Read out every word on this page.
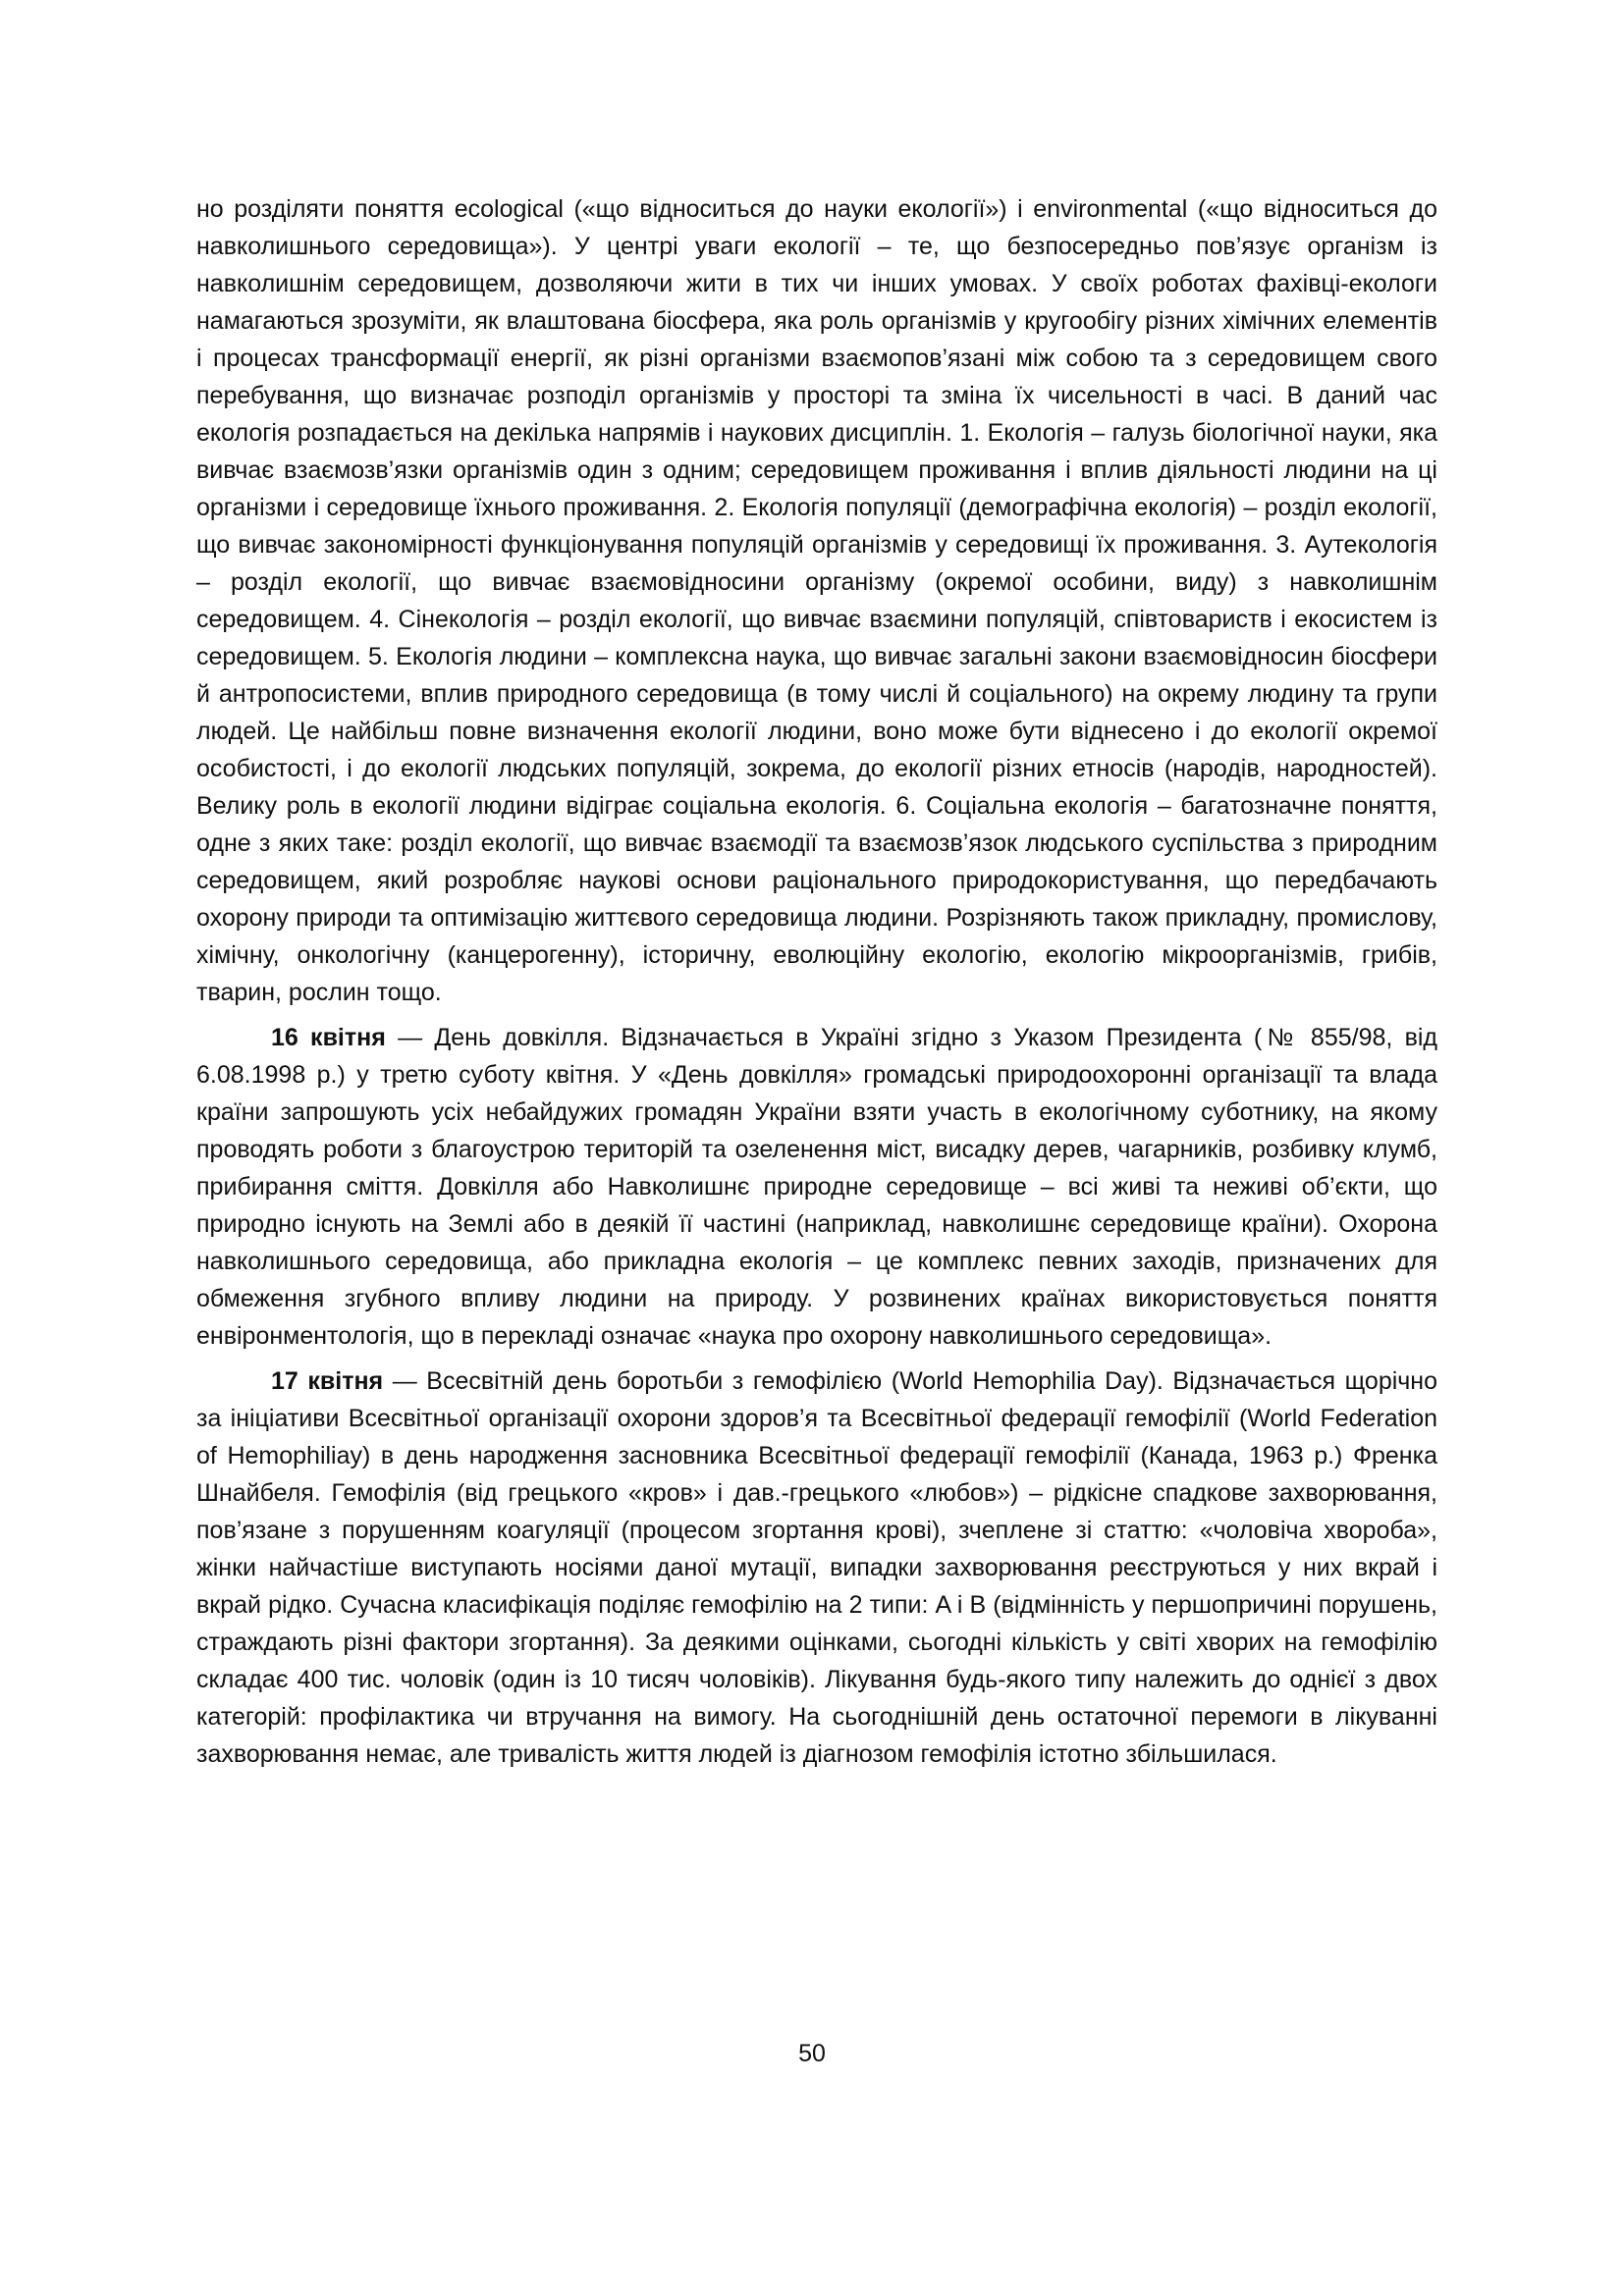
но розділяти поняття ecological («що відноситься до науки екології») і environmental («що відноситься до навколишнього середовища»). У центрі уваги екології – те, що безпосередньо пов’язує організм із навколишнім середовищем, дозволяючи жити в тих чи інших умовах. У своїх роботах фахівці-екологи намагаються зрозуміти, як влаштована біосфера, яка роль організмів у кругообігу різних хімічних елементів і процесах трансформації енергії, як різні організми взаємопов’язані між собою та з середовищем свого перебування, що визначає розподіл організмів у просторі та зміна їх чисельності в часі. В даний час екологія розпадається на декілька напрямів і наукових дисциплін. 1. Екологія – галузь біологічної науки, яка вивчає взаємозв’язки організмів один з одним; середовищем проживання і вплив діяльності людини на ці організми і середовище їхнього проживання. 2. Екологія популяції (демографічна екологія) – розділ екології, що вивчає закономірності функціонування популяцій організмів у середовищі їх проживання. 3. Аутекологія – розділ екології, що вивчає взаємовідносини організму (окремої особини, виду) з навколишнім середовищем. 4. Сінекологія – розділ екології, що вивчає взаємини популяцій, співтовариств і екосистем із середовищем. 5. Екологія людини – комплексна наука, що вивчає загальні закони взаємовідносин біосфери й антропосистеми, вплив природного середовища (в тому числі й соціального) на окрему людину та групи людей. Це найбільш повне визначення екології людини, воно може бути віднесено і до екології окремої особистості, і до екології людських популяцій, зокрема, до екології різних етносів (народів, народностей). Велику роль в екології людини відіграє соціальна екологія. 6. Соціальна екологія – багатозначне поняття, одне з яких таке: розділ екології, що вивчає взаємодії та взаємозв’язок людського суспільства з природним середовищем, який розробляє наукові основи раціонального природокористування, що передбачають охорону природи та оптимізацію життєвого середовища людини. Розрізняють також прикладну, промислову, хімічну, онкологічну (канцерогенну), історичну, еволюційну екологію, екологію мікроорганізмів, грибів, тварин, рослин тощо.

16 квітня — День довкілля. Відзначається в Україні згідно з Указом Президента (№ 855/98, від 6.08.1998 р.) у третю суботу квітня. У «День довкілля» громадські природоохоронні організації та влада країни запрошують усіх небайдужих громадян України взяти участь в екологічному суботнику, на якому проводять роботи з благоустрою територій та озеленення міст, висадку дерев, чагарників, розбивку клумб, прибирання сміття. Довкілля або Навколишнє природне середовище – всі живі та неживі об’єкти, що природно існують на Землі або в деякій її частині (наприклад, навколишнє середовище країни). Охорона навколишнього середовища, або прикладна екологія – це комплекс певних заходів, призначених для обмеження згубного впливу людини на природу. У розвинених країнах використовується поняття енвіронментологія, що в перекладі означає «наука про охорону навколишнього середовища».

17 квітня — Всесвітній день боротьби з гемофілією (World Hemophilia Day). Відзначається щорічно за ініціативи Всесвітньої організації охорони здоров’я та Всесвітньої федерації гемофілії (World Federation of Hemophiliay) в день народження засновника Всесвітньої федерації гемофілії (Канада, 1963 р.) Френка Шнайбеля. Гемофілія (від грецького «кров» і дав.-грецького «любов») – рідкісне спадкове захворювання, пов’язане з порушенням коагуляції (процесом згортання крові), зчеплене зі статтю: «чоловіча хвороба», жінки найчастіше виступають носіями даної мутації, випадки захворювання реєструються у них вкрай і вкрай рідко. Сучасна класифікація поділяє гемофілію на 2 типи: A і B (відмінність у першопричині порушень, страждають різні фактори згортання). За деякими оцінками, сьогодні кількість у світі хворих на гемофілію складає 400 тис. чоловік (один із 10 тисяч чоловіків). Лікування будь-якого типу належить до однієї з двох категорій: профілактика чи втручання на вимогу. На сьогоднішній день остаточної перемоги в лікуванні захворювання немає, але тривалість життя людей із діагнозом гемофілія істотно збільшилася.

50
